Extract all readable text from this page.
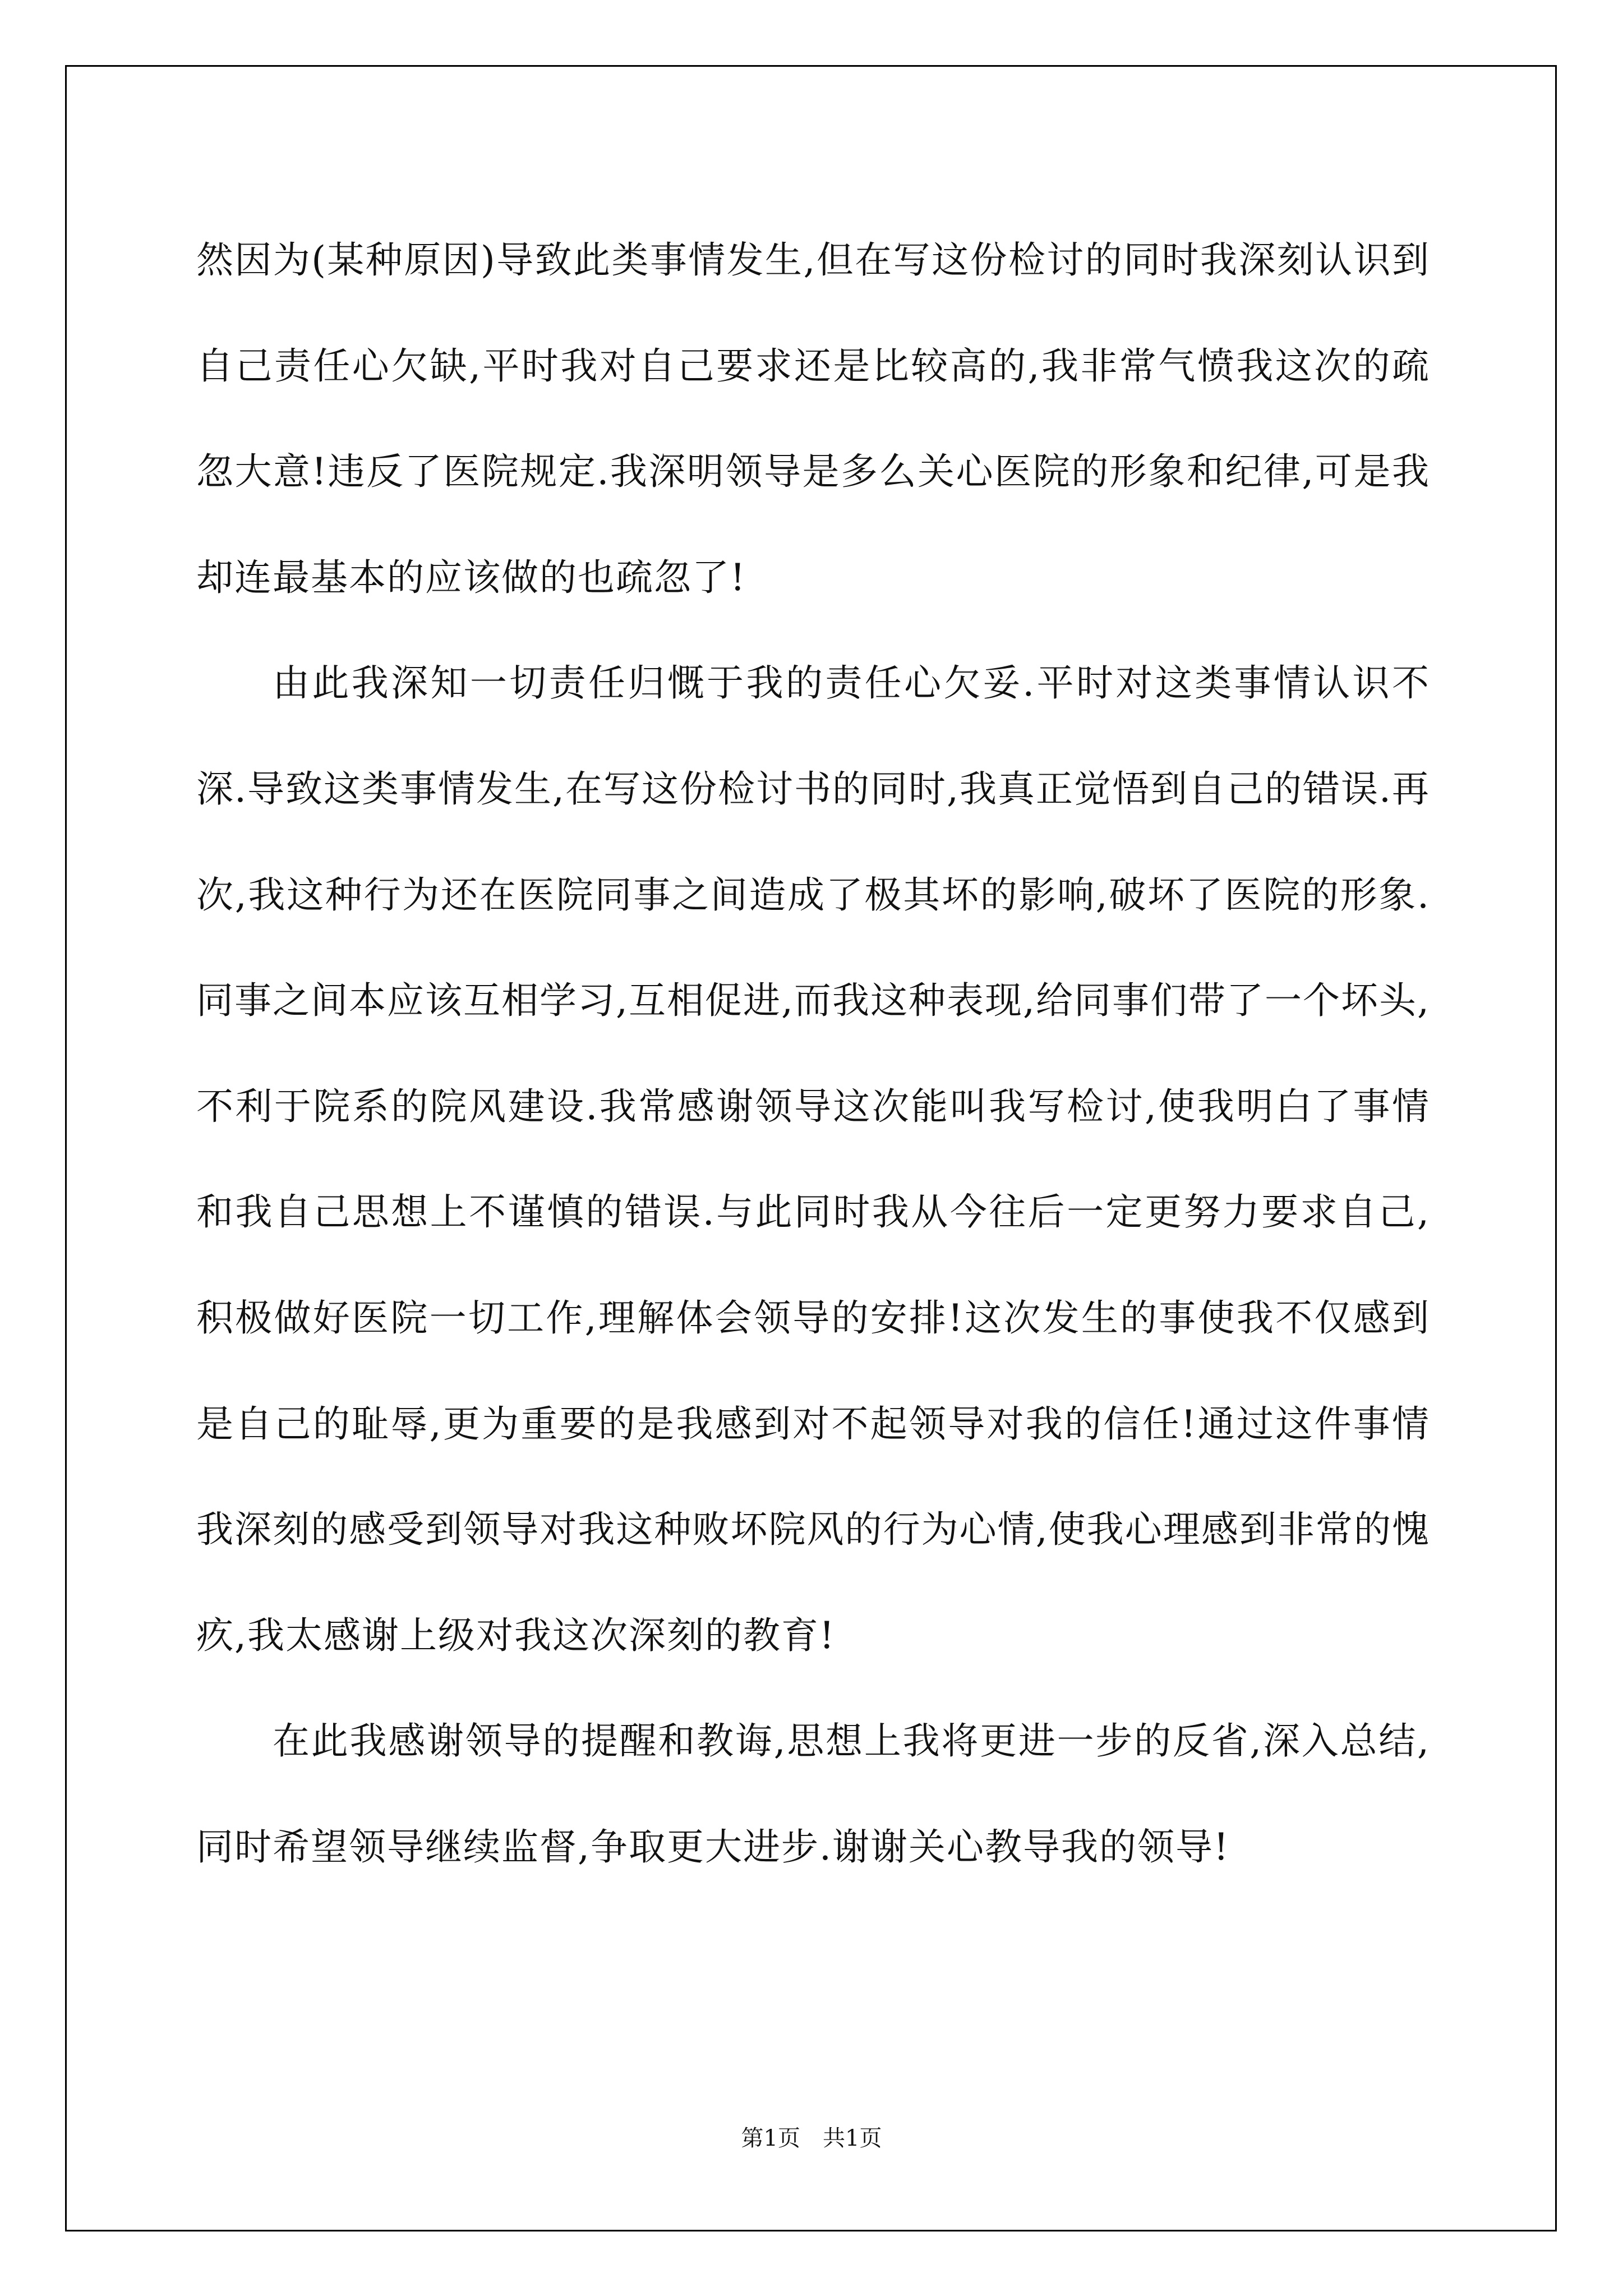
然因为(某种原因)导致此类事情发生,但在写这份检讨的同时我深刻认识到自己责任心欠缺,平时我对自己要求还是比较高的,我非常气愤我这次的疏忽大意!违反了医院规定.我深明领导是多么关心医院的形象和纪律,可是我却连最基本的应该做的也疏忽了!

由此我深知一切责任归慨于我的责任心欠妥.平时对这类事情认识不深.导致这类事情发生,在写这份检讨书的同时,我真正觉悟到自己的错误.再次,我这种行为还在医院同事之间造成了极其坏的影响,破坏了医院的形象.同事之间本应该互相学习,互相促进,而我这种表现,给同事们带了一个坏头,不利于院系的院风建设.我常感谢领导这次能叫我写检讨,使我明白了事情和我自己思想上不谨慎的错误.与此同时我从今往后一定更努力要求自己,积极做好医院一切工作,理解体会领导的安排!这次发生的事使我不仅感到是自己的耻辱,更为重要的是我感到对不起领导对我的信任!通过这件事情我深刻的感受到领导对我这种败坏院风的行为心情,使我心理感到非常的愧疚,我太感谢上级对我这次深刻的教育!

在此我感谢领导的提醒和教诲,思想上我将更进一步的反省,深入总结,同时希望领导继续监督,争取更大进步.谢谢关心教导我的领导!

第1页　共1页
